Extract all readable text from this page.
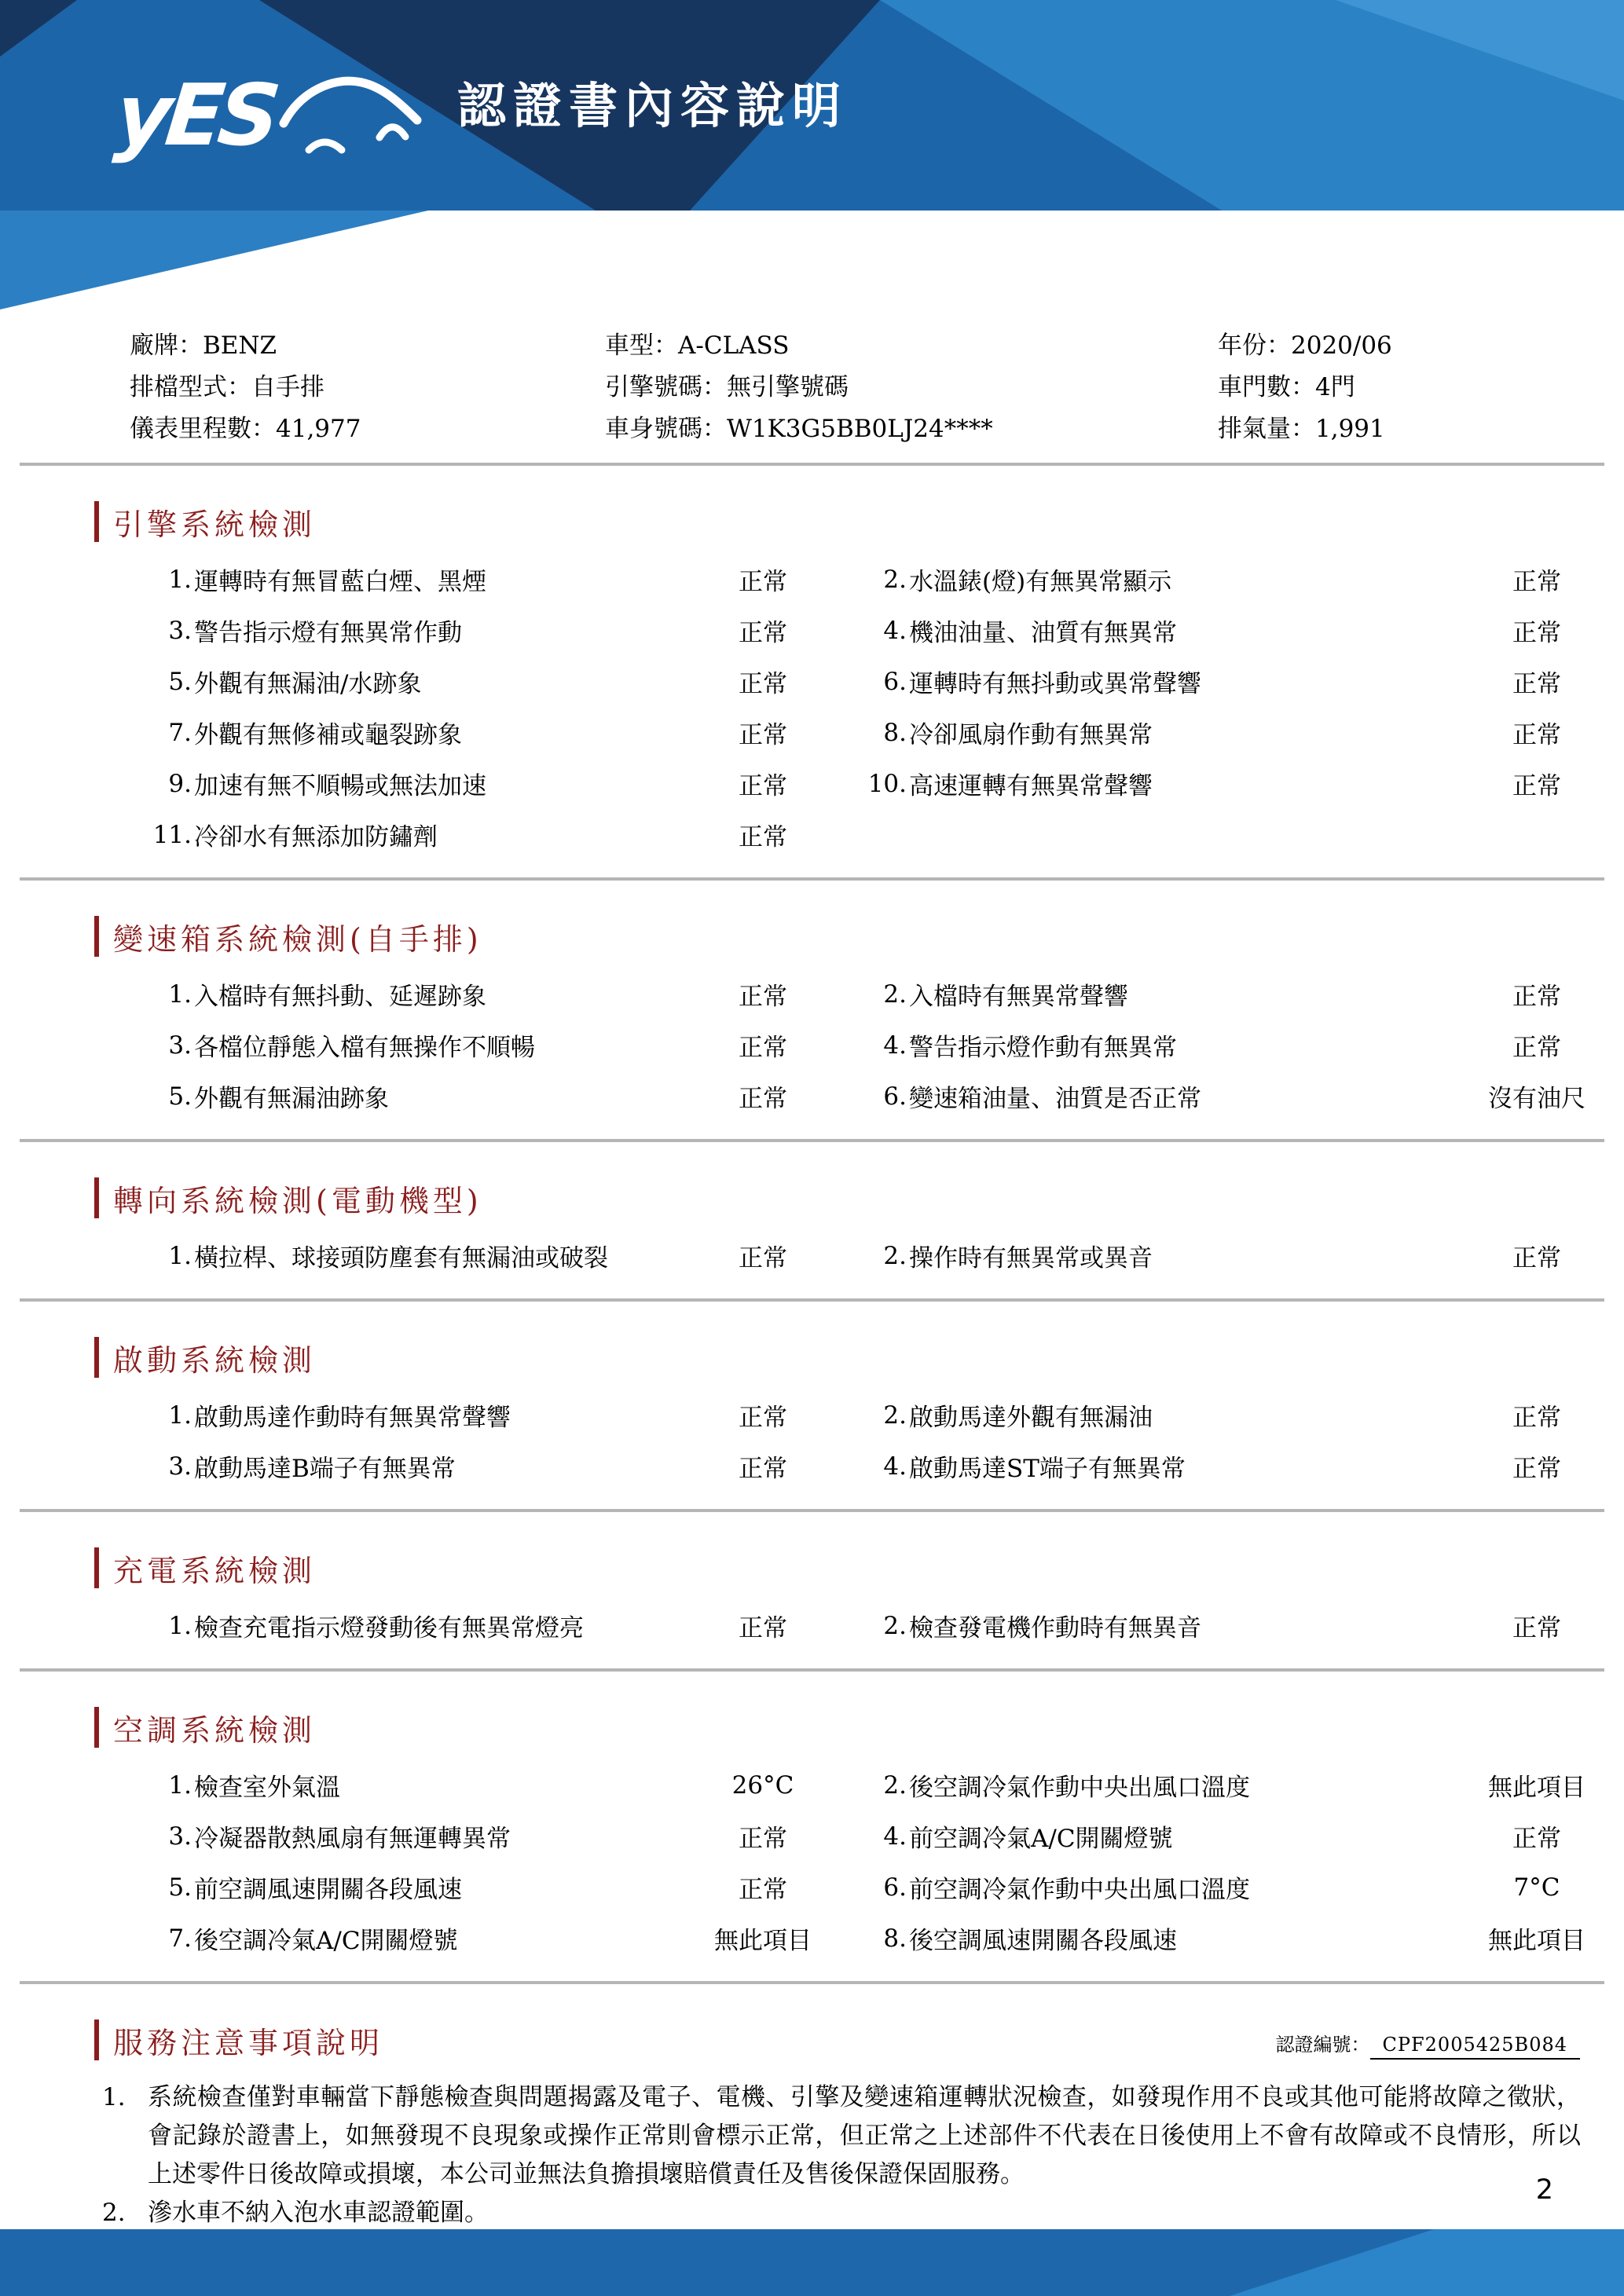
yES	認證書內容說明
廠牌：BENZ	車型：A-CLASS	年份：2020/06
排檔型式：自手排	引擎號碼：無引擎號碼	車門數：4門
儀表里程數：41,977	車身號碼：W1K3G5BB0LJ24****	排氣量：1,991
引擎系統檢測
1. 運轉時有無冒藍白煙、黑煙	正常	2. 水溫錶(燈)有無異常顯示	正常
3. 警告指示燈有無異常作動	正常	4. 機油油量、油質有無異常	正常
5. 外觀有無漏油/水跡象	正常	6. 運轉時有無抖動或異常聲響	正常
7. 外觀有無修補或龜裂跡象	正常	8. 冷卻風扇作動有無異常	正常
9. 加速有無不順暢或無法加速	正常	10. 高速運轉有無異常聲響	正常
11. 冷卻水有無添加防鏽劑	正常
變速箱系統檢測(自手排)
1. 入檔時有無抖動、延遲跡象	正常	2. 入檔時有無異常聲響	正常
3. 各檔位靜態入檔有無操作不順暢	正常	4. 警告指示燈作動有無異常	正常
5. 外觀有無漏油跡象	正常	6. 變速箱油量、油質是否正常	沒有油尺
轉向系統檢測(電動機型)
1. 橫拉桿、球接頭防塵套有無漏油或破裂	正常	2. 操作時有無異常或異音	正常
啟動系統檢測
1. 啟動馬達作動時有無異常聲響	正常	2. 啟動馬達外觀有無漏油	正常
3. 啟動馬達B端子有無異常	正常	4. 啟動馬達ST端子有無異常	正常
充電系統檢測
1. 檢查充電指示燈發動後有無異常燈亮	正常	2. 檢查發電機作動時有無異音	正常
空調系統檢測
1. 檢查室外氣溫	26°C	2. 後空調冷氣作動中央出風口溫度	無此項目
3. 冷凝器散熱風扇有無運轉異常	正常	4. 前空調冷氣A/C開關燈號	正常
5. 前空調風速開關各段風速	正常	6. 前空調冷氣作動中央出風口溫度	7°C
7. 後空調冷氣A/C開關燈號	無此項目	8. 後空調風速開關各段風速	無此項目
服務注意事項說明
1. 系統檢查僅對車輛當下靜態檢查與問題揭露及電子、電機、引擎及變速箱運轉狀況檢查，如發現作用不良或其他可能將故障之徵狀，會記錄於證書上，如無發現不良現象或操作正常則會標示正常，但正常之上述部件不代表在日後使用上不會有故障或不良情形，所以上述零件日後故障或損壞，本公司並無法負擔損壞賠償責任及售後保證保固服務。
2. 滲水車不納入泡水車認證範圍。
認證編號： CPF2005425B084
2
